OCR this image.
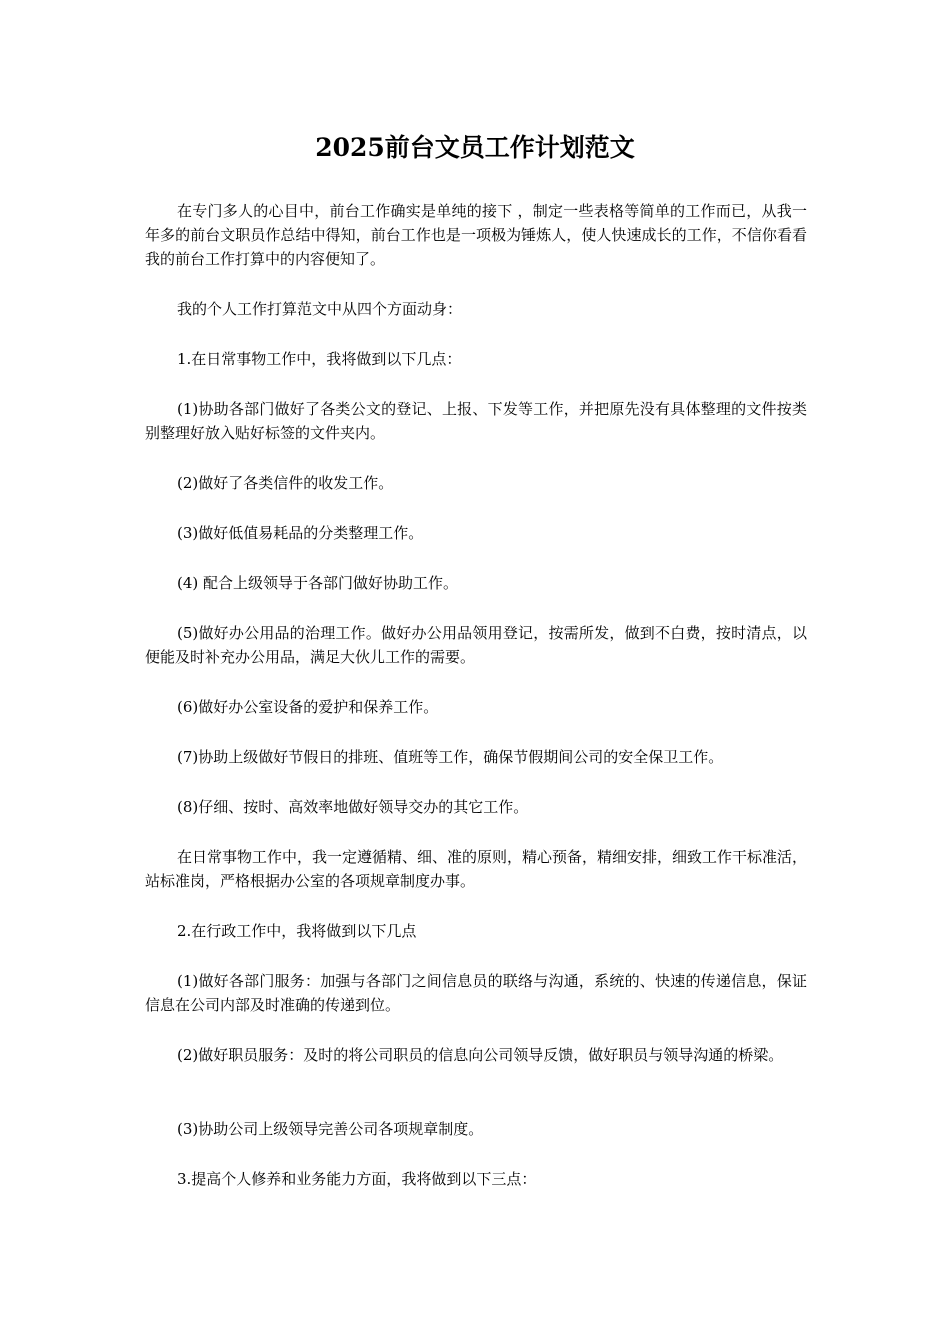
2025前台文员工作计划范文

在专门多人的心目中，前台工作确实是单纯的接下 ，制定一些表格等简单的工作而已，从我一年多的前台文职员作总结中得知，前台工作也是一项极为锤炼人，使人快速成长的工作，不信你看看我的前台工作打算中的内容便知了。

我的个人工作打算范文中从四个方面动身：

1.在日常事物工作中，我将做到以下几点：

(1)协助各部门做好了各类公文的登记、上报、下发等工作，并把原先没有具体整理的文件按类别整理好放入贴好标签的文件夹内。

(2)做好了各类信件的收发工作。

(3)做好低值易耗品的分类整理工作。

(4) 配合上级领导于各部门做好协助工作。

(5)做好办公用品的治理工作。做好办公用品领用登记，按需所发，做到不白费，按时清点，以便能及时补充办公用品，满足大伙儿工作的需要。

(6)做好办公室设备的爱护和保养工作。

(7)协助上级做好节假日的排班、值班等工作，确保节假期间公司的安全保卫工作。

(8)仔细、按时、高效率地做好领导交办的其它工作。

在日常事物工作中，我一定遵循精、细、准的原则，精心预备，精细安排，细致工作干标准活，站标准岗，严格根据办公室的各项规章制度办事。

2.在行政工作中，我将做到以下几点

(1)做好各部门服务：加强与各部门之间信息员的联络与沟通，系统的、快速的传递信息，保证信息在公司内部及时准确的传递到位。

(2)做好职员服务：及时的将公司职员的信息向公司领导反馈，做好职员与领导沟通的桥梁。

(3)协助公司上级领导完善公司各项规章制度。

3.提高个人修养和业务能力方面，我将做到以下三点：
